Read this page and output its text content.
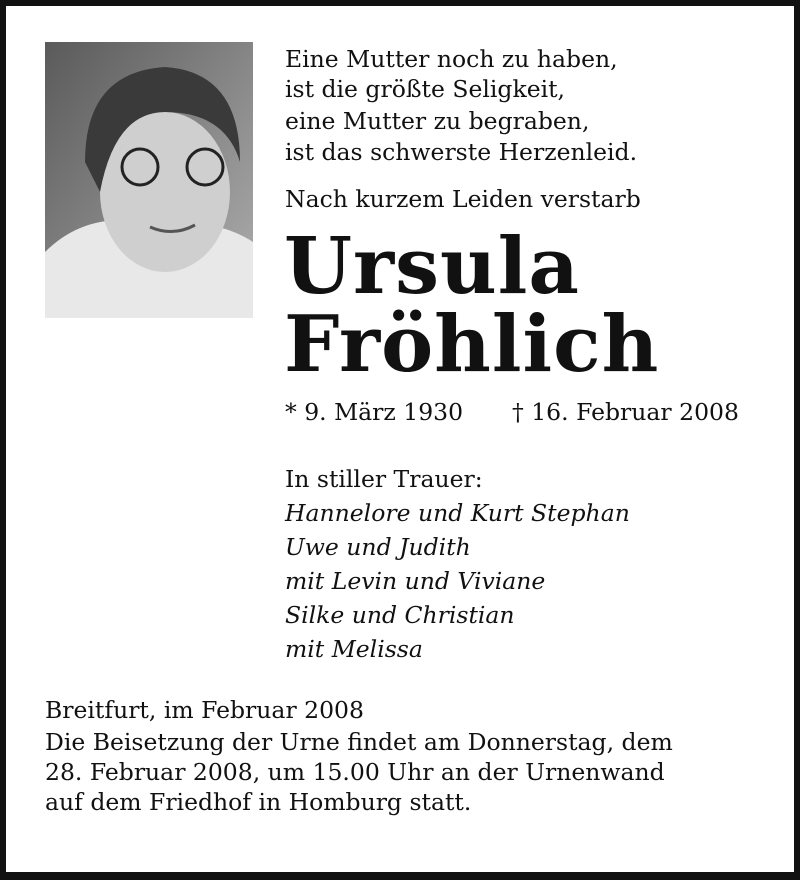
Eine Mutter noch zu haben,
ist die größte Seligkeit,
eine Mutter zu begraben,
ist das schwerste Herzenleid.
Nach kurzem Leiden verstarb
Ursula
Fröhlich
* 9. März 1930 † 16. Februar 2008
In stiller Trauer:
Hannelore und Kurt Stephan
Uwe und Judith
mit Levin und Viviane
Silke und Christian
mit Melissa
Breitfurt, im Februar 2008
Die Beisetzung der Urne findet am Donnerstag, dem
28. Februar 2008, um 15.00 Uhr an der Urnenwand
auf dem Friedhof in Homburg statt.
